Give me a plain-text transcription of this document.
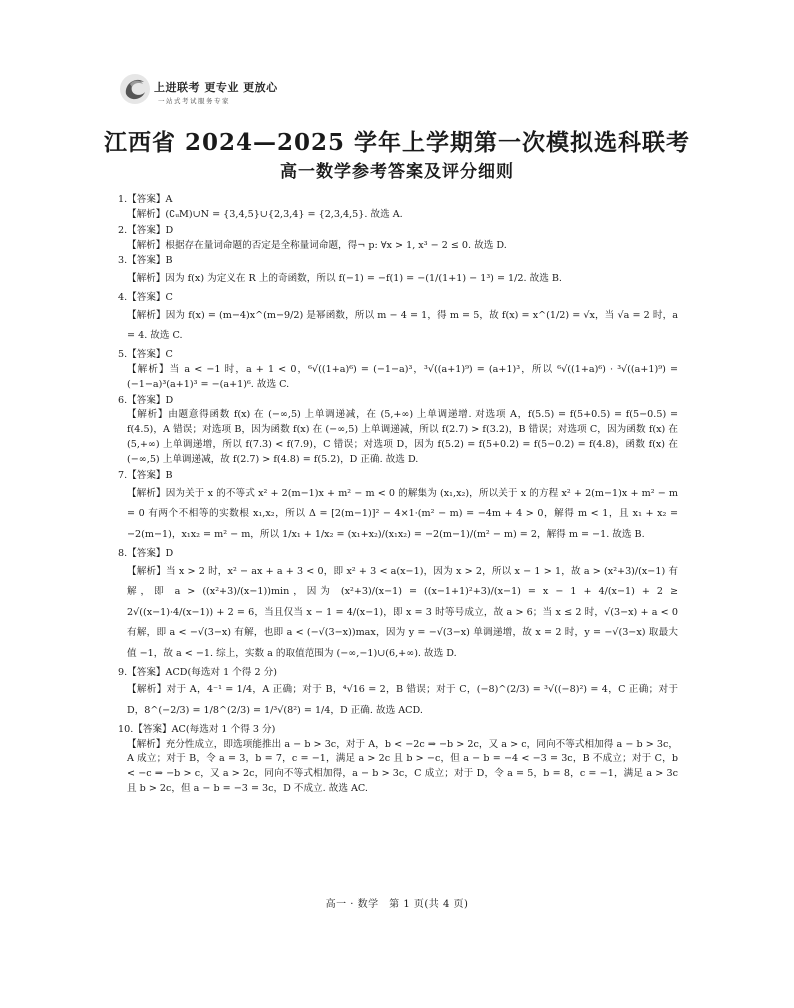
上进联考 更专业 更放心
一站式考试服务专家
江西省 2024—2025 学年上学期第一次模拟选科联考
高一数学参考答案及评分细则

1.【答案】A

【解析】(∁ᵤM)∪N = {3,4,5}∪{2,3,4} = {2,3,4,5}. 故选 A.

2.【答案】D

【解析】根据存在量词命题的否定是全称量词命题，得¬ p: ∀x > 1, x³ − 2 ≤ 0. 故选 D.

3.【答案】B

【解析】因为 f(x) 为定义在 R 上的奇函数，所以 f(−1) = −f(1) = −(1/(1+1) − 1³) = 1/2. 故选 B.

4.【答案】C

【解析】因为 f(x) = (m−4)x^(m−9/2) 是幂函数，所以 m − 4 = 1，得 m = 5，故 f(x) = x^(1/2) = √x，当 √a = 2 时，a = 4. 故选 C.

5.【答案】C

【解析】当 a < −1 时，a + 1 < 0，⁶√((1+a)⁶) = (−1−a)³，³√((a+1)⁹) = (a+1)³，所以 ⁶√((1+a)⁶) · ³√((a+1)⁹) = (−1−a)³(a+1)³ = −(a+1)⁶. 故选 C.

6.【答案】D

【解析】由题意得函数 f(x) 在 (−∞,5) 上单调递减，在 (5,+∞) 上单调递增. 对选项 A，f(5.5) = f(5+0.5) = f(5−0.5) = f(4.5)，A 错误；对选项 B，因为函数 f(x) 在 (−∞,5) 上单调递减，所以 f(2.7) > f(3.2)，B 错误；对选项 C，因为函数 f(x) 在 (5,+∞) 上单调递增，所以 f(7.3) < f(7.9)，C 错误；对选项 D，因为 f(5.2) = f(5+0.2) = f(5−0.2) = f(4.8)，函数 f(x) 在 (−∞,5) 上单调递减，故 f(2.7) > f(4.8) = f(5.2)，D 正确. 故选 D.

7.【答案】B

【解析】因为关于 x 的不等式 x² + 2(m−1)x + m² − m < 0 的解集为 (x₁,x₂)，所以关于 x 的方程 x² + 2(m−1)x + m² − m = 0 有两个不相等的实数根 x₁,x₂，所以 Δ = [2(m−1)]² − 4×1·(m² − m) = −4m + 4 > 0，解得 m < 1，且 x₁ + x₂ = −2(m−1)，x₁x₂ = m² − m，所以 1/x₁ + 1/x₂ = (x₁+x₂)/(x₁x₂) = −2(m−1)/(m² − m) = 2，解得 m = −1. 故选 B.

8.【答案】D

【解析】当 x > 2 时，x² − ax + a + 3 < 0，即 x² + 3 < a(x−1)，因为 x > 2，所以 x − 1 > 1，故 a > (x²+3)/(x−1) 有解，即 a > ((x²+3)/(x−1))min，因为 (x²+3)/(x−1) = ((x−1+1)²+3)/(x−1) = x − 1 + 4/(x−1) + 2 ≥ 2√((x−1)·4/(x−1)) + 2 = 6，当且仅当 x − 1 = 4/(x−1)，即 x = 3 时等号成立，故 a > 6；当 x ≤ 2 时，√(3−x) + a < 0 有解，即 a < −√(3−x) 有解，也即 a < (−√(3−x))max，因为 y = −√(3−x) 单调递增，故 x = 2 时，y = −√(3−x) 取最大值 −1，故 a < −1. 综上，实数 a 的取值范围为 (−∞,−1)∪(6,+∞). 故选 D.

9.【答案】ACD(每选对 1 个得 2 分)

【解析】对于 A，4⁻¹ = 1/4，A 正确；对于 B，⁴√16 = 2，B 错误；对于 C，(−8)^(2/3) = ³√((−8)²) = 4，C 正确；对于 D，8^(−2/3) = 1/8^(2/3) = 1/³√(8²) = 1/4，D 正确. 故选 ACD.

10.【答案】AC(每选对 1 个得 3 分)

【解析】充分性成立，即选项能推出 a − b > 3c，对于 A，b < −2c ⇒ −b > 2c，又 a > c，同向不等式相加得 a − b > 3c，A 成立；对于 B，令 a = 3，b = 7，c = −1，满足 a > 2c 且 b > −c，但 a − b = −4 < −3 = 3c，B 不成立；对于 C，b < −c ⇒ −b > c，又 a > 2c，同向不等式相加得，a − b > 3c，C 成立；对于 D，令 a = 5，b = 8，c = −1，满足 a > 3c 且 b > 2c，但 a − b = −3 = 3c，D 不成立. 故选 AC.

高一 · 数学　第 1 页(共 4 页)
